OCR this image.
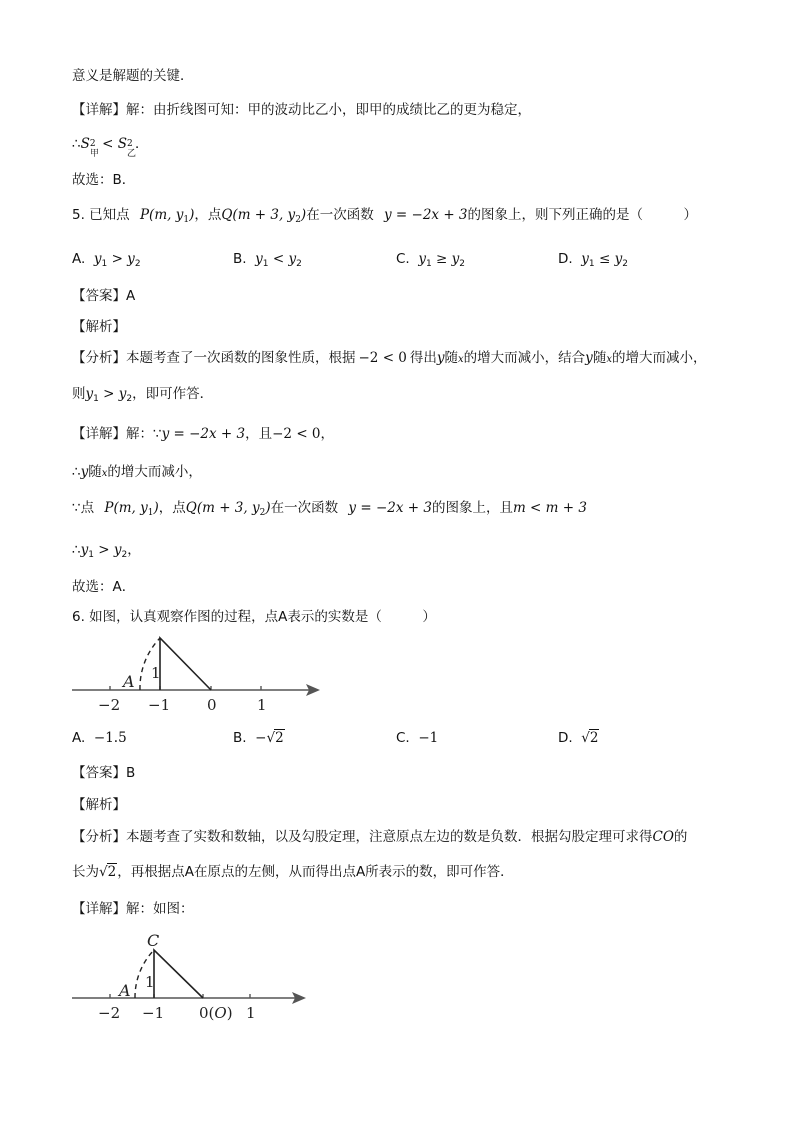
意义是解题的关键．
【详解】解：由折线图可知：甲的波动比乙小，即甲的成绩比乙的更为稳定，
∴S 2
甲
< S 2
乙
．
故选：B．
5. 已知点 P(m, $y_1$)，点Q(m + 3, $y_2$)在一次函数 y = −2x + 3的图象上，则下列正确的是（　　　）
A. $y_1 > y_2$	B. $y_1 < y_2$	C. $y_1 \ge y_2$	D. $y_1 \le y_2$
【答案】A
【解析】
【分析】本题考查了一次函数的图象性质，根据 −2 < 0 得出y随x的增大而减小，结合y随x的增大而减小，
则$y_1 > y_2$，即可作答．
【详解】解：∵y = −2x + 3，且−2 < 0，
∴y随x的增大而减小，
∵点 P(m, $y_1$)，点Q(m + 3, $y_2$)在一次函数 y = −2x + 3的图象上，且m < m + 3
$\therefore y_1 > y_2$，
故选：A．
6. 如图，认真观察作图的过程，点A表示的实数是（　　　）
A 1
−2 −1 0	1
A. −1.5	B. −√2	C. −1	D. √2
【答案】B
【解析】
【分析】本题考查了实数和数轴，以及勾股定理，注意原点左边的数是负数．根据勾股定理可求得CO的
长为√2，再根据点A在原点的左侧，从而得出点A所表示的数，即可作答．
【详解】解：如图：
C
A 1
−2 −1 0(O) 1
